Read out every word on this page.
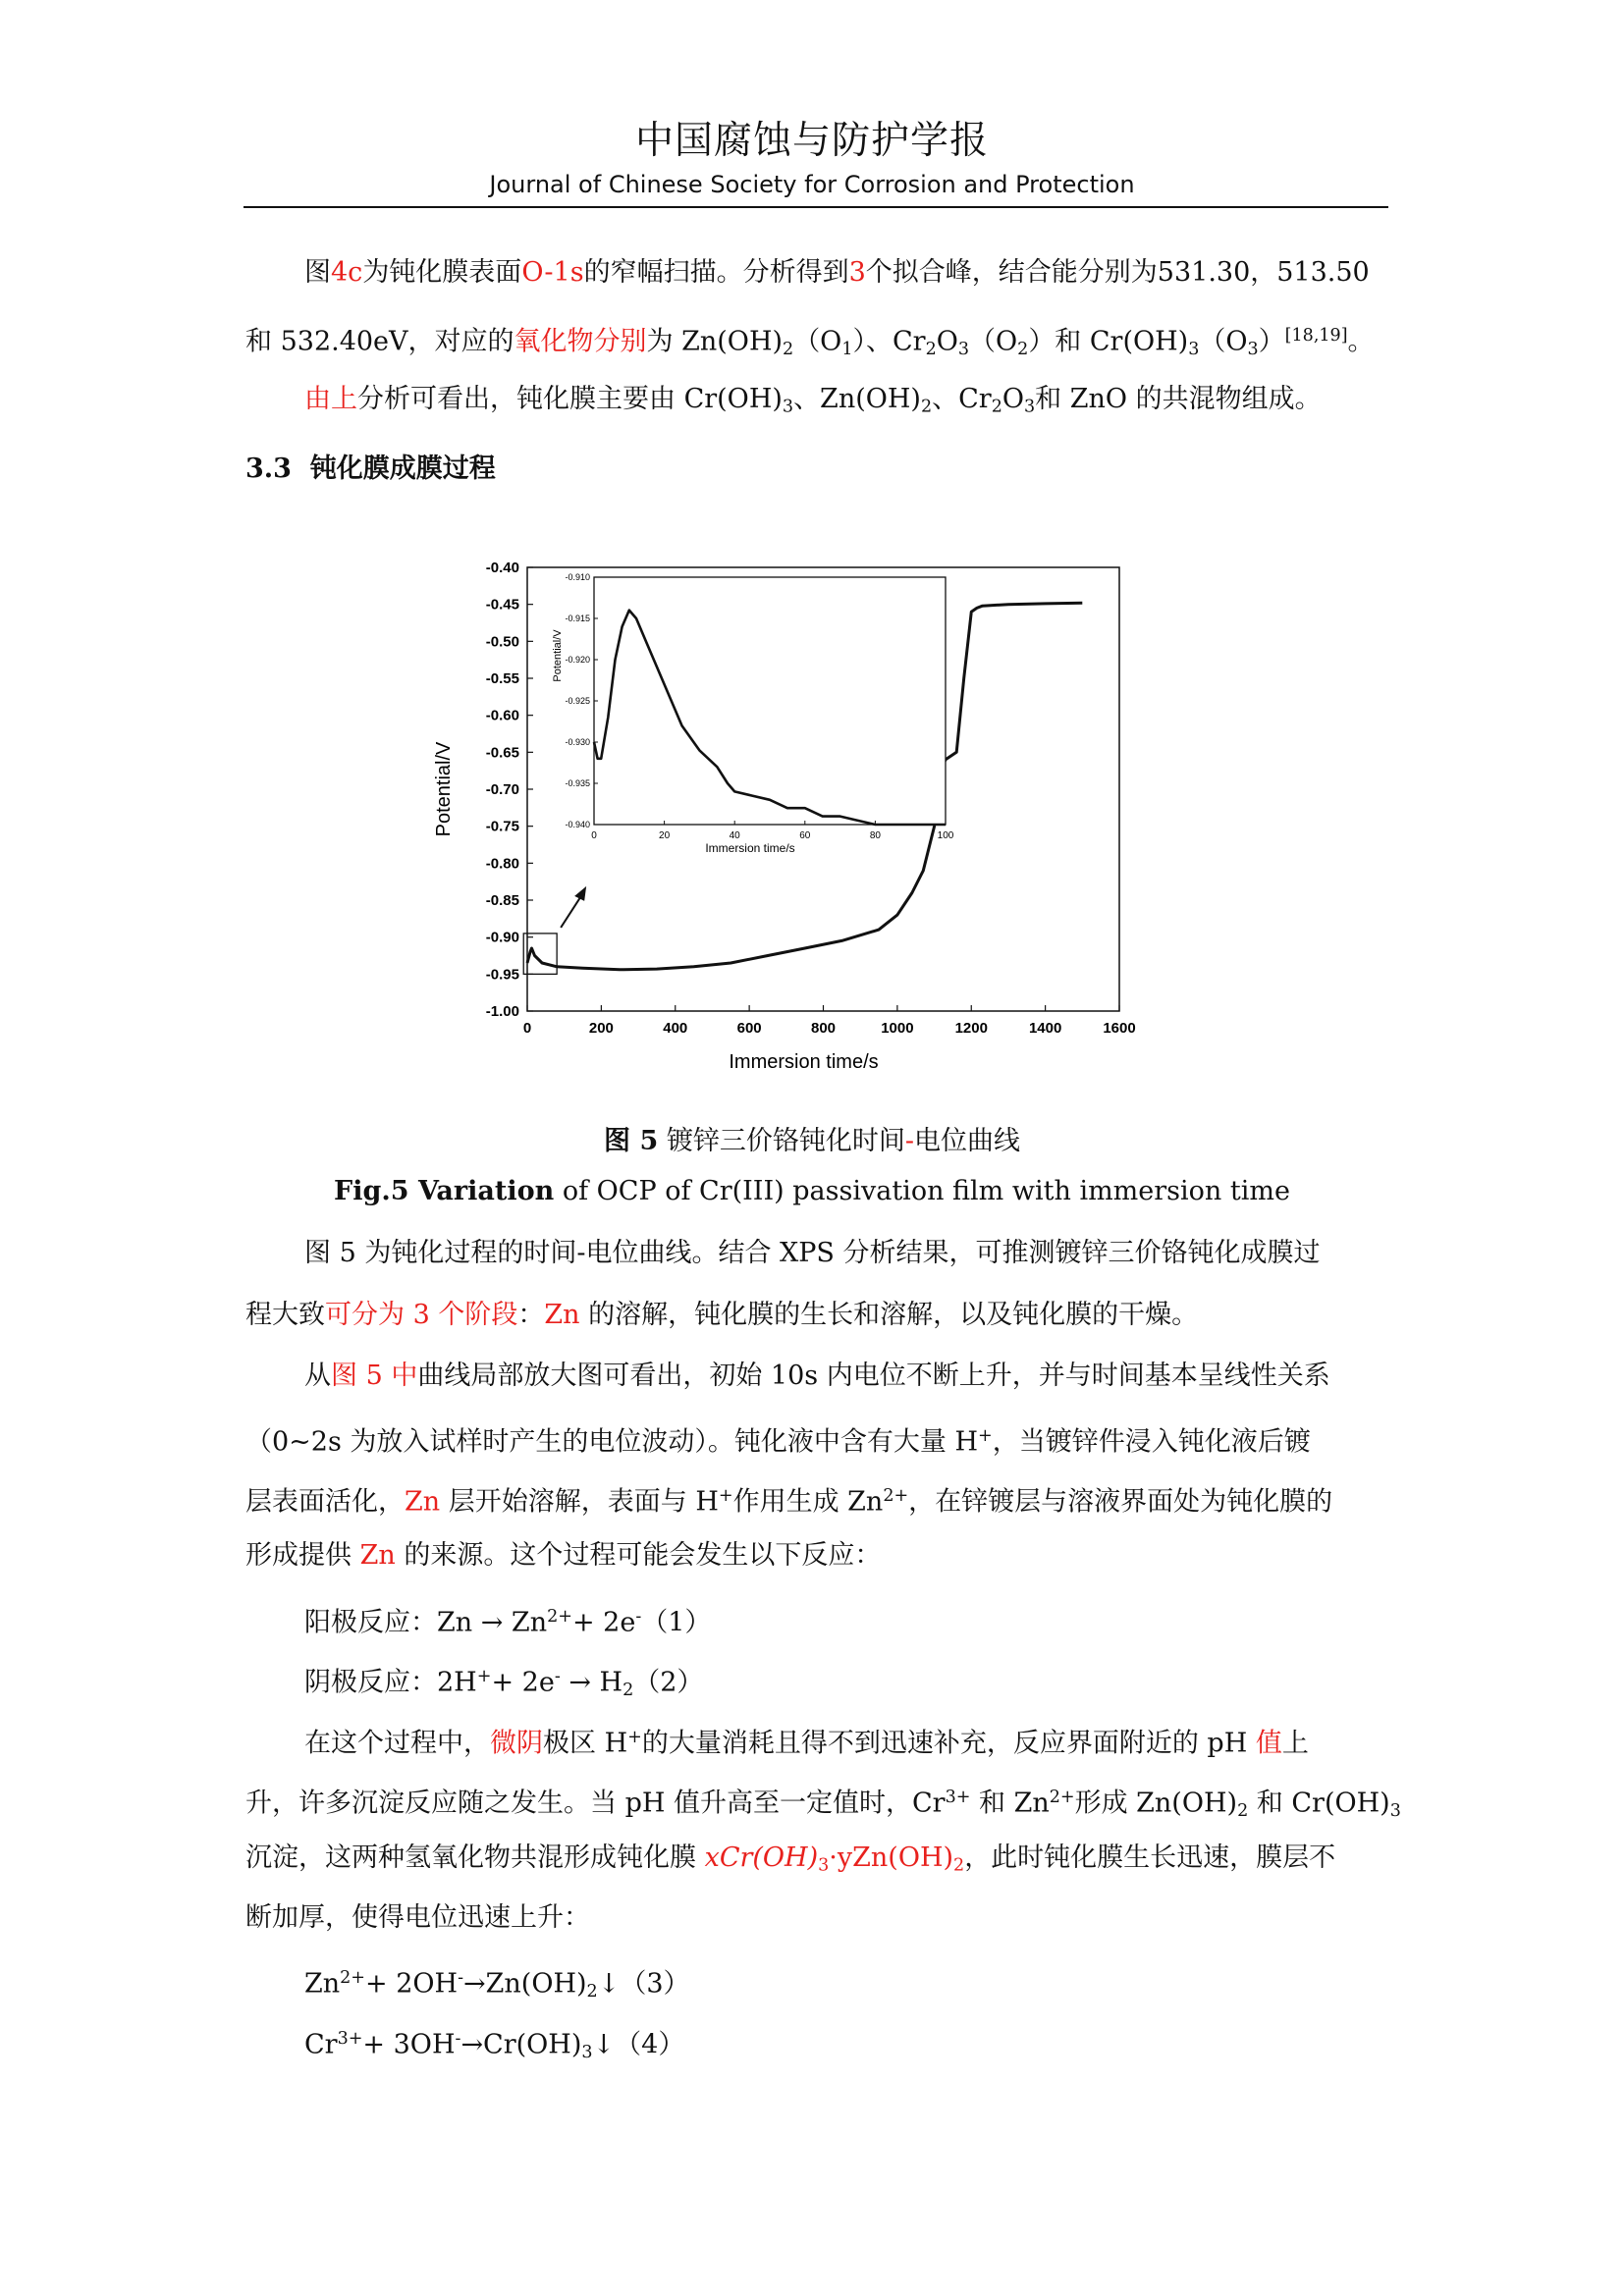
中国腐蚀与防护学报
Journal of Chinese Society for Corrosion and Protection
图4c为钝化膜表面O-1s的窄幅扫描。分析得到3个拟合峰，结合能分别为531.30，513.50
和 532.40eV，对应的氧化物分别为 $Zn(OH)_2(O_1)$、$Cr_2O_3(O_2)$和 $Cr(OH)_3(O_3)[18,19]$。
由上分析可看出，钝化膜主要由 $Cr(OH)_3$、$Zn(OH)_2$、$Cr_2O_3$和 ZnO 的共混物组成。
3.3 钝化膜成膜过程
0	200	400	600	800	1000	1200	1400	1600
-0.40
-0.45
-0.50
-0.55
-0.60
-0.65
-0.70
-0.75
-0.80
-0.85
-0.90
-0.95
-1.00
Immersion time/s
Potential/V	0	20	40	60	80	100
-0.910
-0.915
-0.920
-0.925
-0.930
-0.935
-0.940
Immersion time/s
Potential/V
图 5 镀锌三价铬钝化时间-电位曲线
Fig.5 Variation of OCP of Cr(III) passivation film with immersion time
图 5 为钝化过程的时间-电位曲线。结合 XPS 分析结果，可推测镀锌三价铬钝化成膜过
程大致可分为 3 个阶段：Zn 的溶解，钝化膜的生长和溶解，以及钝化膜的干燥。
从图 5 中曲线局部放大图可看出，初始 10s 内电位不断上升，并与时间基本呈线性关系
（0~2s 为放入试样时产生的电位波动）。钝化液中含有大量 H+，当镀锌件浸入钝化液后镀
层表面活化，Zn 层开始溶解，表面与 H+作用生成 $Zn^{2+}$，在锌镀层与溶液界面处为钝化膜的
形成提供 Zn 的来源。这个过程可能会发生以下反应：
阳极反应：$Zn \to Zn^{2+}+ 2e^-(1)$
阴极反应：$2H^++ 2e^- \to H_2(2)$
在这个过程中，微阴极区 H+的大量消耗且得不到迅速补充，反应界面附近的 pH 值上
升，许多沉淀反应随之发生。当 pH 值升高至一定值时，$Cr^{3+}$ 和 $Zn^{2+}$形成 $Zn(OH)_2$ 和 $Cr(OH)_3$
沉淀，这两种氢氧化物共混形成钝化膜 $xCr(OH)_3\cdot yZn(OH)_2$，此时钝化膜生长迅速，膜层不
断加厚，使得电位迅速上升：
$Zn^{2+}+$ $2OH^-\to Zn(OH)_2↓(3)$
$Cr^{3+}+$ $3OH^-\to Cr(OH)_3↓(4)$
